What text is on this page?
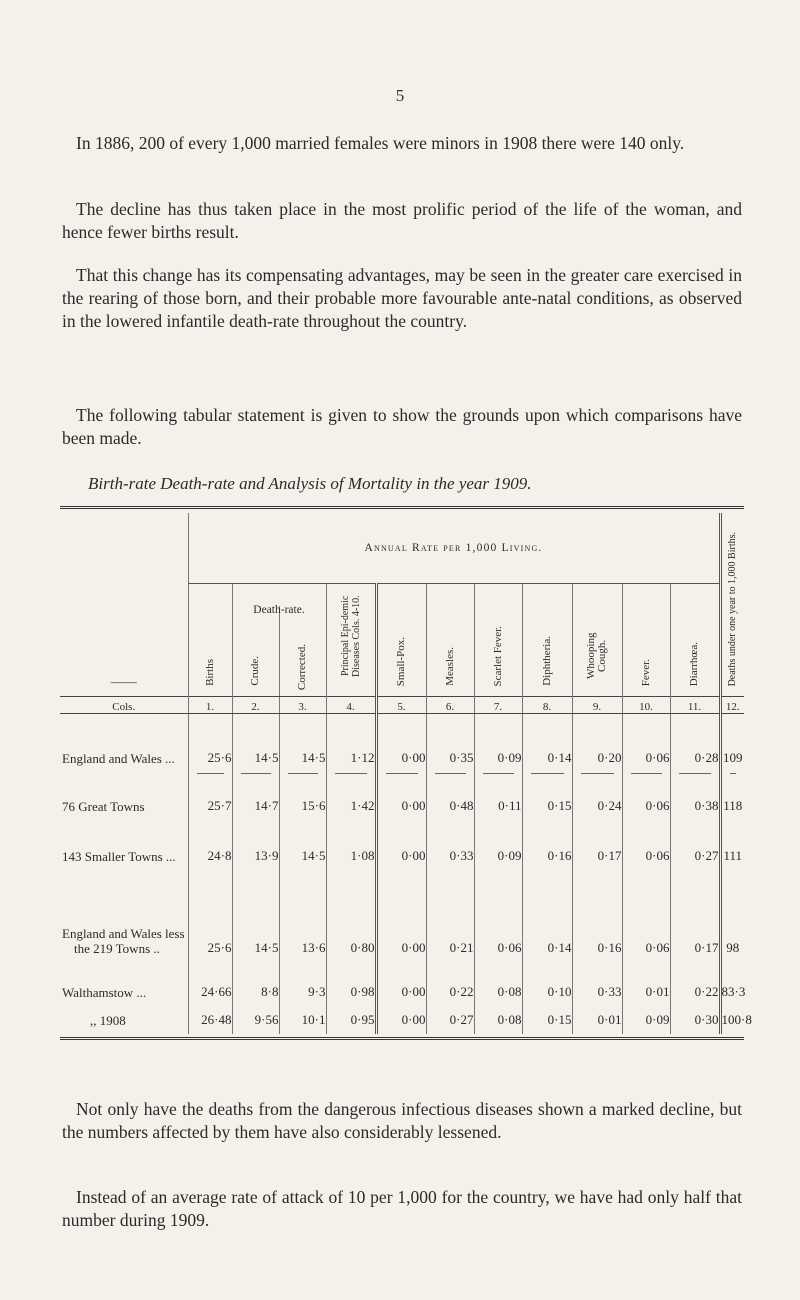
5

In 1886, 200 of every 1,000 married females were minors in 1908 there were 140 only.

The decline has thus taken place in the most prolific period of the life of the woman, and hence fewer births result.

That this change has its compensating advantages, may be seen in the greater care exercised in the rearing of those born, and their probable more favourable ante-natal conditions, as observed in the lowered infantile death-rate throughout the country.

The following tabular statement is given to show the grounds upon which comparisons have been made.

Birth-rate Death-rate and Analysis of Mortality in the year 1909.

——	Annual Rate per 1,000 Living.											Deaths under one year to 1,000 Births.
	Births	Death-rate.
Crude. Corrected.		Principal Epi-demic Diseases Cols. 4-10.	Small-Pox.	Measles.	Scarlet Fever.	Diphtheria.	Whooping Cough.	Fever.	Diarrhœa.	
Cols.	1.	2.	3.	4.	5.	6.	7.	8.	9.	10.	11.	12.
England and Wales ...	25·6	14·5	14·5	1·12	0·00	0·35	0·09	0·14	0·20	0·06	0·28	109

76 Great Towns	25·7	14·7	15·6	1·42	0·00	0·48	0·11	0·15	0·24	0·06	0·38	118
143 Smaller Towns ...	24·8	13·9	14·5	1·08	0·00	0·33	0·09	0·16	0·17	0·06	0·27	111
England and Wales less the 219 Towns ..	25·6	14·5	13·6	0·80	0·00	0·21	0·06	0·14	0·16	0·06	0·17	98
Walthamstow ...	24·66	8·8	9·3	0·98	0·00	0·22	0·08	0·10	0·33	0·01	0·22	83·3
,, 1908	26·48	9·56	10·1	0·95	0·00	0·27	0·08	0·15	0·01	0·09	0·30	100·8

Not only have the deaths from the dangerous infectious diseases shown a marked decline, but the numbers affected by them have also considerably lessened.

Instead of an average rate of attack of 10 per 1,000 for the country, we have had only half that number during 1909.
